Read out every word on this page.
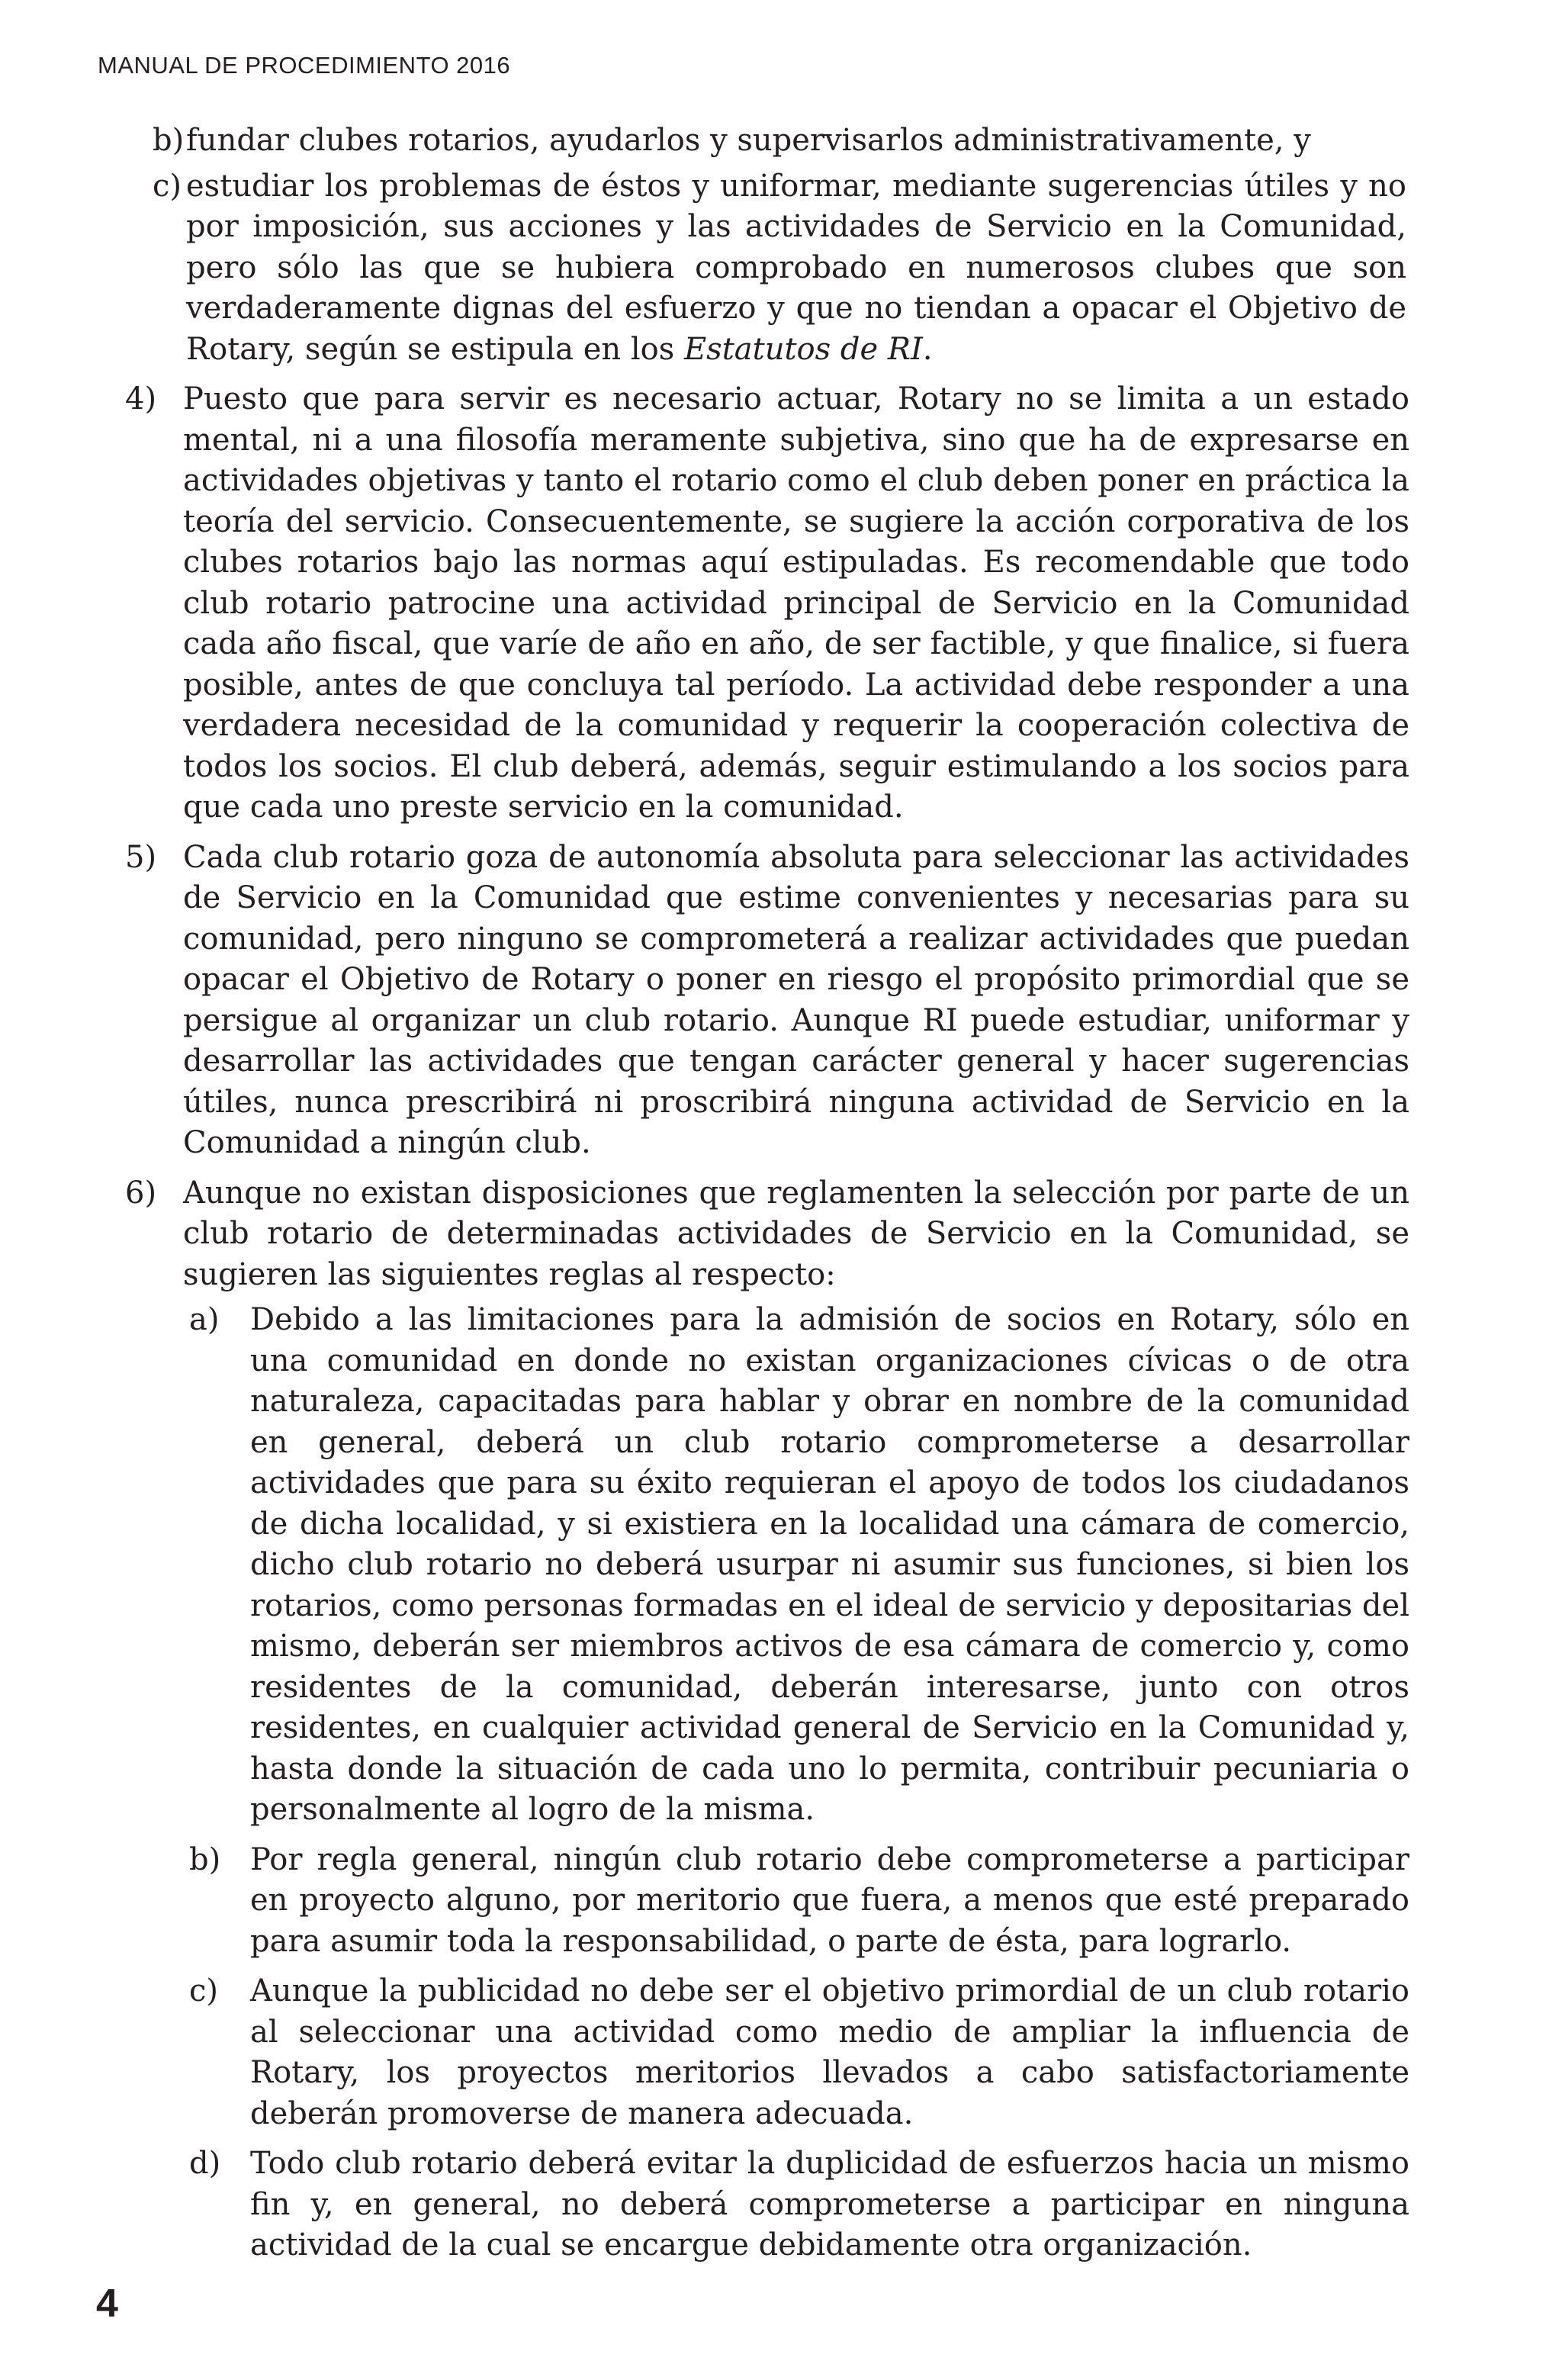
MANUAL DE PROCEDIMIENTO 2016
b) fundar clubes rotarios, ayudarlos y supervisarlos administrativamente, y
c) estudiar los problemas de éstos y uniformar, mediante sugerencias útiles y no por imposición, sus acciones y las actividades de Servicio en la Comunidad, pero sólo las que se hubiera comprobado en numerosos clubes que son verdaderamente dignas del esfuerzo y que no tiendan a opacar el Objetivo de Rotary, según se estipula en los Estatutos de RI.
4) Puesto que para servir es necesario actuar, Rotary no se limita a un estado mental, ni a una filosofía meramente subjetiva, sino que ha de expresarse en actividades objetivas y tanto el rotario como el club deben poner en práctica la teoría del servicio. Consecuentemente, se sugiere la acción corporativa de los clubes rotarios bajo las normas aquí estipuladas. Es recomendable que todo club rotario patrocine una actividad principal de Servicio en la Comunidad cada año fiscal, que varíe de año en año, de ser factible, y que finalice, si fuera posible, antes de que concluya tal período. La actividad debe responder a una verdadera necesidad de la comunidad y requerir la cooperación colectiva de todos los socios. El club deberá, además, seguir estimulando a los socios para que cada uno preste servicio en la comunidad.
5) Cada club rotario goza de autonomía absoluta para seleccionar las actividades de Servicio en la Comunidad que estime convenientes y necesarias para su comunidad, pero ninguno se comprometerá a realizar actividades que puedan opacar el Objetivo de Rotary o poner en riesgo el propósito primordial que se persigue al organizar un club rotario. Aunque RI puede estudiar, uniformar y desarrollar las actividades que tengan carácter general y hacer sugerencias útiles, nunca prescribirá ni proscribirá ninguna actividad de Servicio en la Comunidad a ningún club.
6) Aunque no existan disposiciones que reglamenten la selección por parte de un club rotario de determinadas actividades de Servicio en la Comunidad, se sugieren las siguientes reglas al respecto:
a) Debido a las limitaciones para la admisión de socios en Rotary, sólo en una comunidad en donde no existan organizaciones cívicas o de otra naturaleza, capacitadas para hablar y obrar en nombre de la comunidad en general, deberá un club rotario comprometerse a desarrollar actividades que para su éxito requieran el apoyo de todos los ciudadanos de dicha localidad, y si existiera en la localidad una cámara de comercio, dicho club rotario no deberá usurpar ni asumir sus funciones, si bien los rotarios, como personas formadas en el ideal de servicio y depositarias del mismo, deberán ser miembros activos de esa cámara de comercio y, como residentes de la comunidad, deberán interesarse, junto con otros residentes, en cualquier actividad general de Servicio en la Comunidad y, hasta donde la situación de cada uno lo permita, contribuir pecuniaria o personalmente al logro de la misma.
b) Por regla general, ningún club rotario debe comprometerse a participar en proyecto alguno, por meritorio que fuera, a menos que esté preparado para asumir toda la responsabilidad, o parte de ésta, para lograrlo.
c) Aunque la publicidad no debe ser el objetivo primordial de un club rotario al seleccionar una actividad como medio de ampliar la influencia de Rotary, los proyectos meritorios llevados a cabo satisfactoriamente deberán promoverse de manera adecuada.
d) Todo club rotario deberá evitar la duplicidad de esfuerzos hacia un mismo fin y, en general, no deberá comprometerse a participar en ninguna actividad de la cual se encargue debidamente otra organización.
4
